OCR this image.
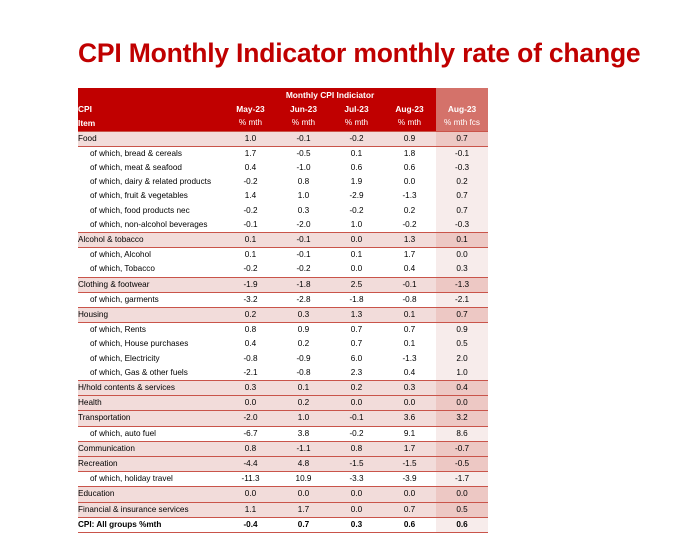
CPI Monthly Indicator monthly rate of change
	Monthly CPI Indiciator				
CPI	May-23	Jun-23	Jul-23	Aug-23	Aug-23
Item	% mth	% mth	% mth	% mth	% mth fcs
Food	1.0	-0.1	-0.2	0.9	0.7
of which, bread & cereals	1.7	-0.5	0.1	1.8	-0.1
of which, meat & seafood	0.4	-1.0	0.6	0.6	-0.3
of which, dairy & related products	-0.2	0.8	1.9	0.0	0.2
of which, fruit & vegetables	1.4	1.0	-2.9	-1.3	0.7
of which, food products nec	-0.2	0.3	-0.2	0.2	0.7
of which, non-alcohol beverages	-0.1	-2.0	1.0	-0.2	-0.3
Alcohol & tobacco	0.1	-0.1	0.0	1.3	0.1
of which, Alcohol	0.1	-0.1	0.1	1.7	0.0
of which, Tobacco	-0.2	-0.2	0.0	0.4	0.3
Clothing & footwear	-1.9	-1.8	2.5	-0.1	-1.3
of which, garments	-3.2	-2.8	-1.8	-0.8	-2.1
Housing	0.2	0.3	1.3	0.1	0.7
of which, Rents	0.8	0.9	0.7	0.7	0.9
of which, House purchases	0.4	0.2	0.7	0.1	0.5
of which, Electricity	-0.8	-0.9	6.0	-1.3	2.0
of which, Gas & other fuels	-2.1	-0.8	2.3	0.4	1.0
H/hold contents & services	0.3	0.1	0.2	0.3	0.4
Health	0.0	0.2	0.0	0.0	0.0
Transportation	-2.0	1.0	-0.1	3.6	3.2
of which, auto fuel	-6.7	3.8	-0.2	9.1	8.6
Communication	0.8	-1.1	0.8	1.7	-0.7
Recreation	-4.4	4.8	-1.5	-1.5	-0.5
of which, holiday travel	-11.3	10.9	-3.3	-3.9	-1.7
Education	0.0	0.0	0.0	0.0	0.0
Financial & insurance services	1.1	1.7	0.0	0.7	0.5
CPI: All groups %mth	-0.4	0.7	0.3	0.6	0.6
